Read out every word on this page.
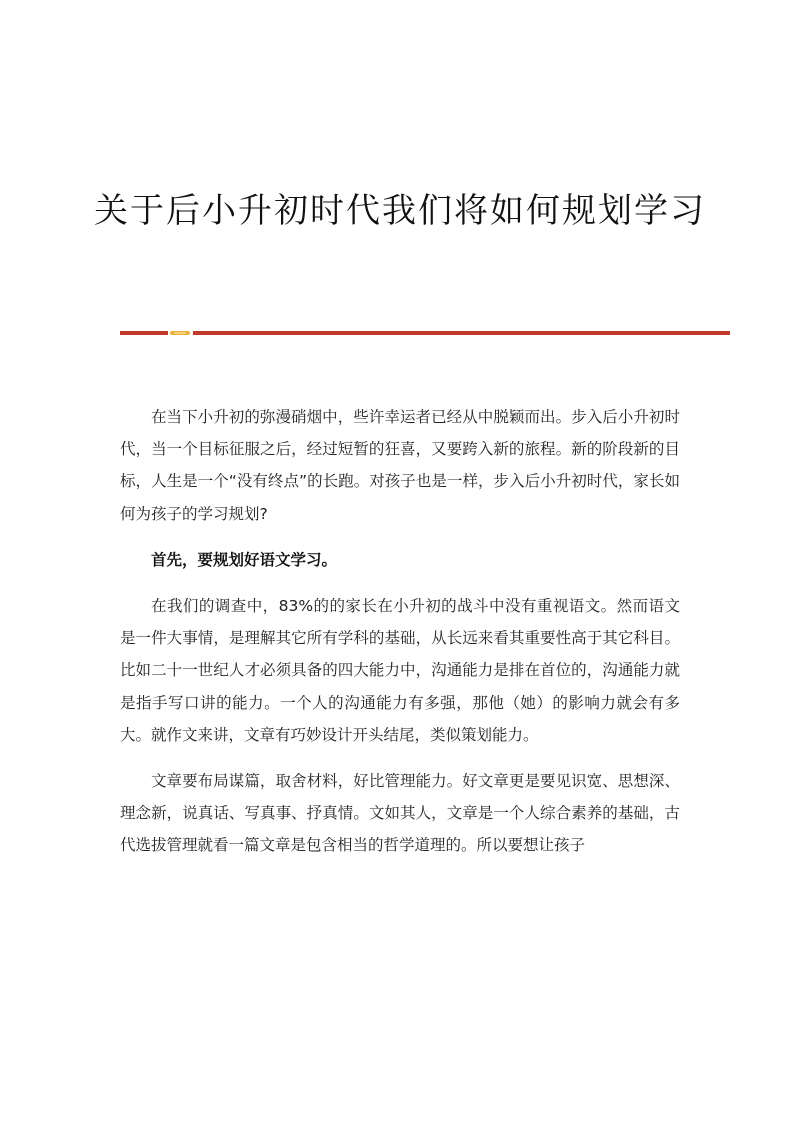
关于后小升初时代我们将如何规划学习

在当下小升初的弥漫硝烟中，些许幸运者已经从中脱颖而出。步入后小升初时代，当一个目标征服之后，经过短暂的狂喜，又要跨入新的旅程。新的阶段新的目标，人生是一个“没有终点”的长跑。对孩子也是一样，步入后小升初时代，家长如何为孩子的学习规划?

首先，要规划好语文学习。

在我们的调查中，83%的的家长在小升初的战斗中没有重视语文。然而语文是一件大事情，是理解其它所有学科的基础，从长远来看其重要性高于其它科目。比如二十一世纪人才必须具备的四大能力中，沟通能力是排在首位的，沟通能力就是指手写口讲的能力。一个人的沟通能力有多强，那他（她）的影响力就会有多大。就作文来讲，文章有巧妙设计开头结尾，类似策划能力。

文章要布局谋篇，取舍材料，好比管理能力。好文章更是要见识宽、思想深、理念新，说真话、写真事、抒真情。文如其人，文章是一个人综合素养的基础，古代选拔管理就看一篇文章是包含相当的哲学道理的。所以要想让孩子
